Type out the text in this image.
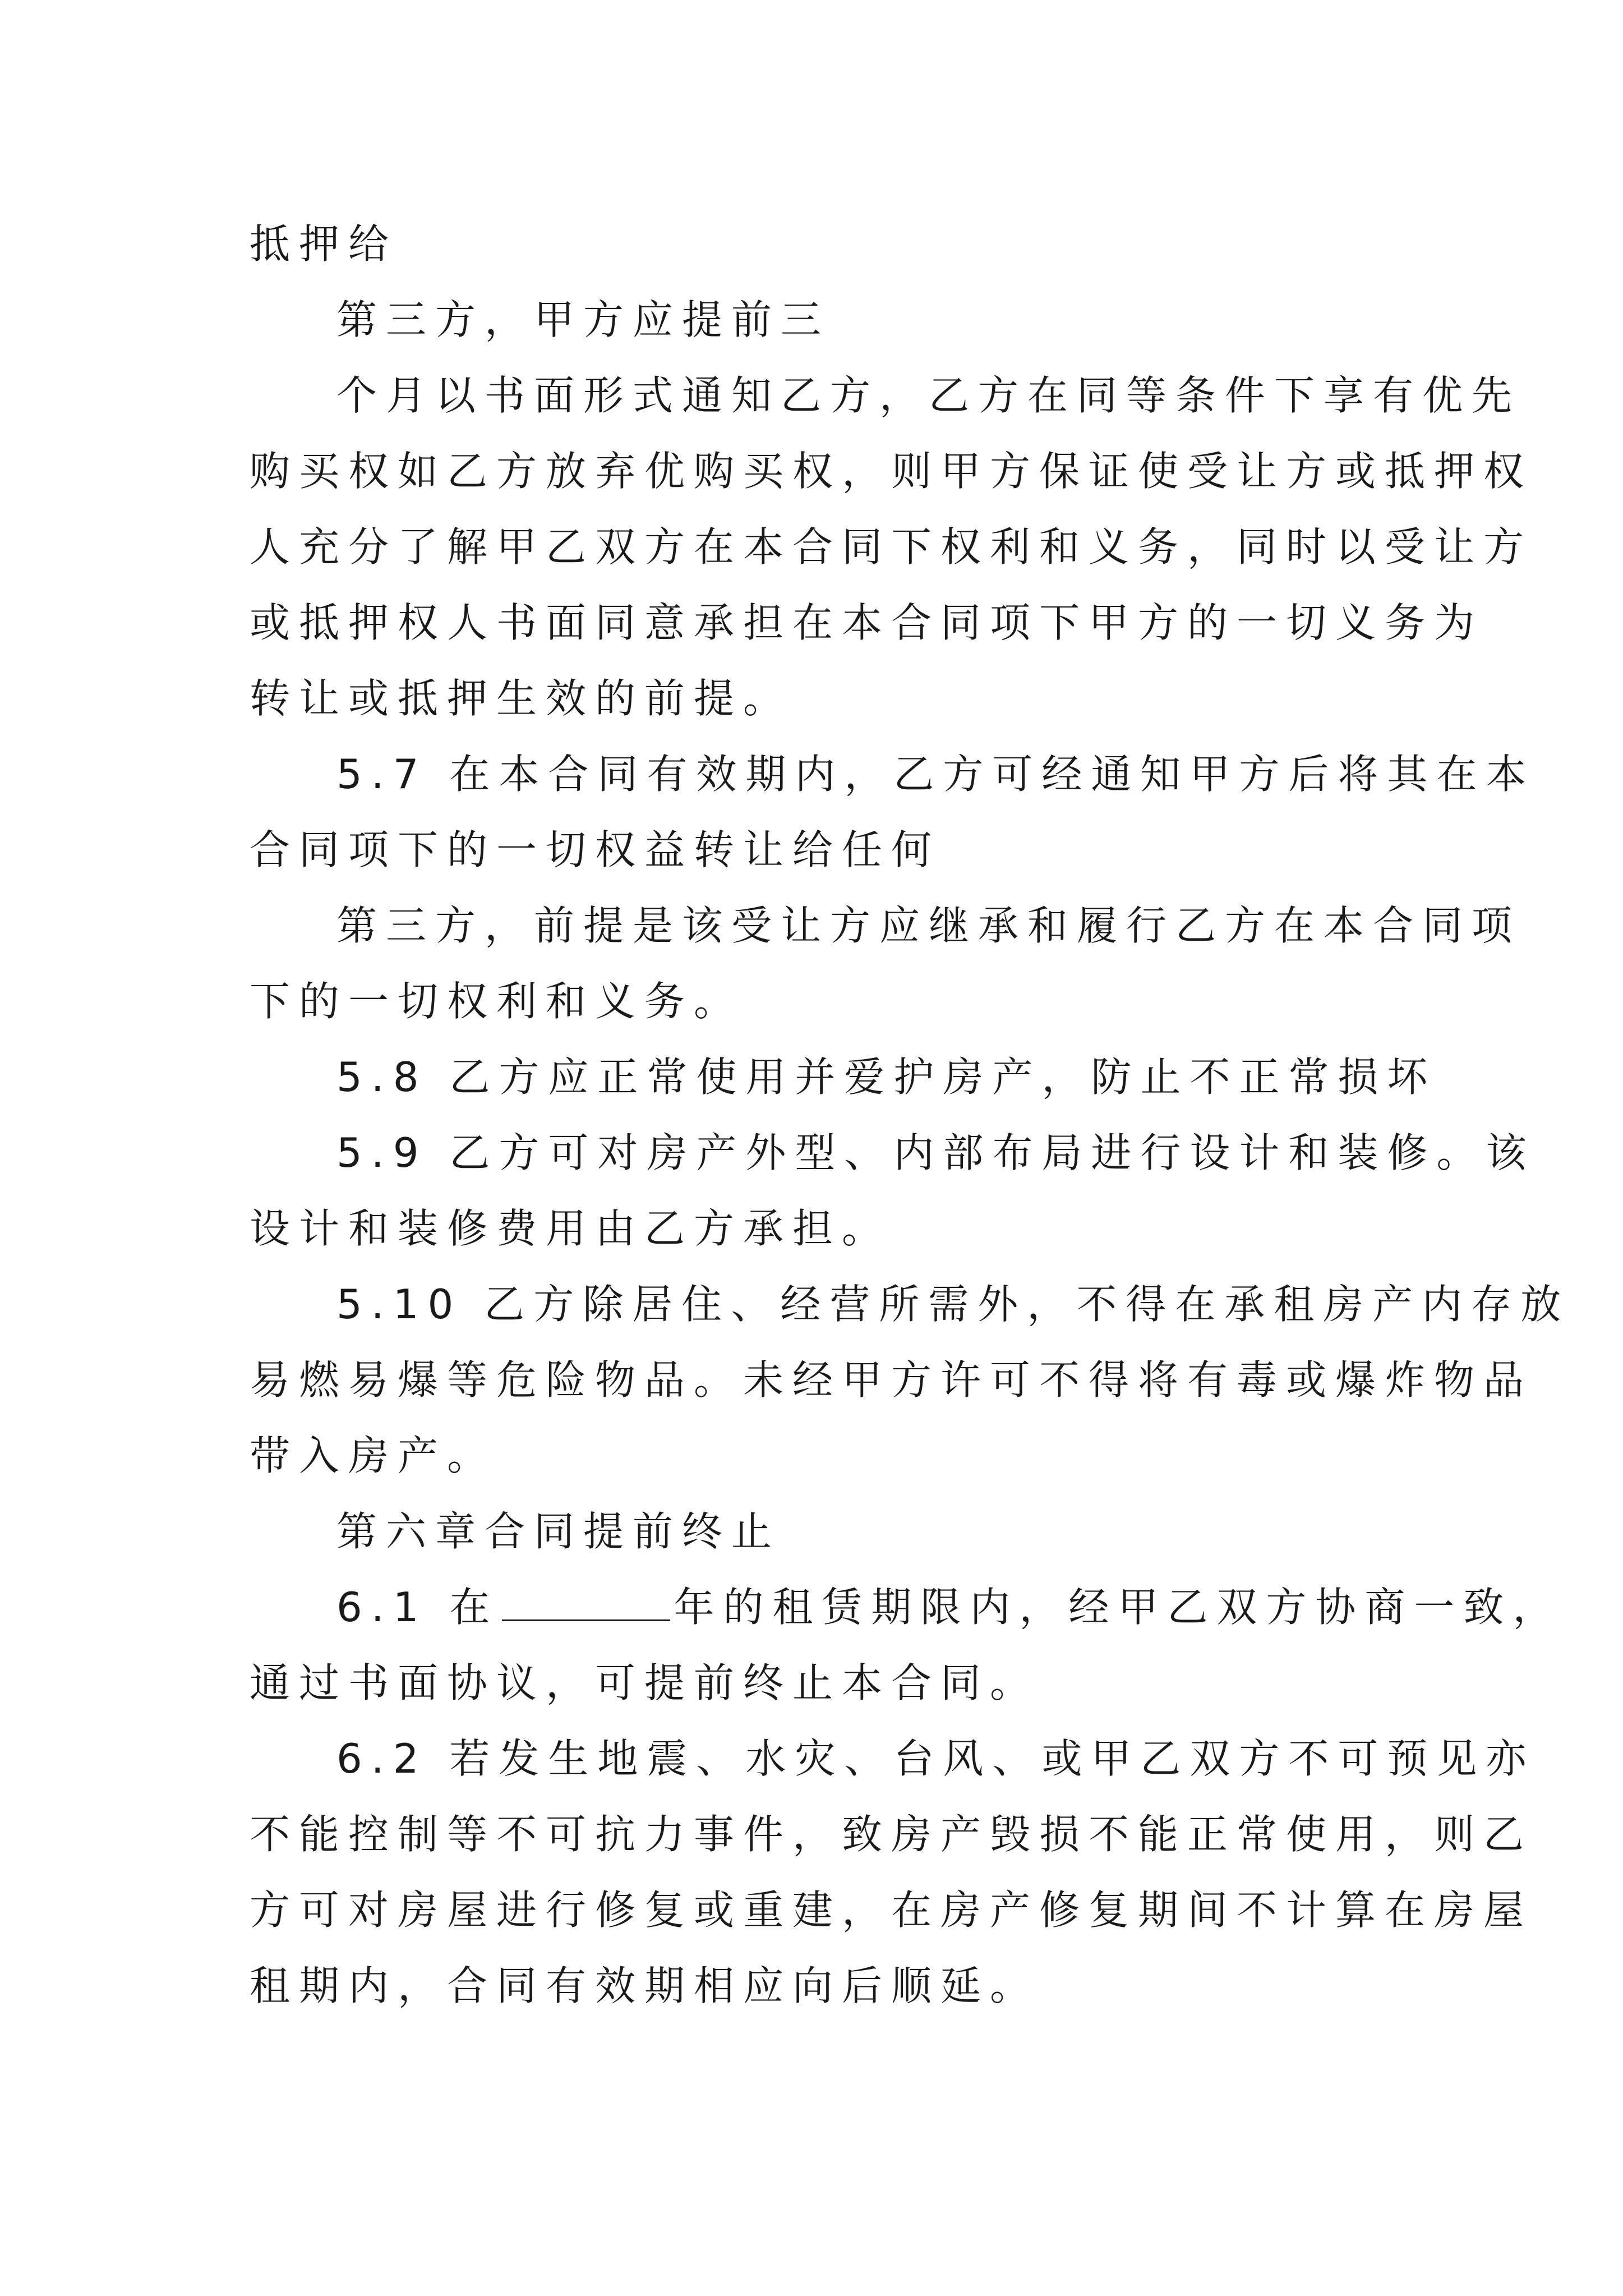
抵押给
第三方，甲方应提前三
个月以书面形式通知乙方，乙方在同等条件下享有优先
购买权如乙方放弃优购买权，则甲方保证使受让方或抵押权
人充分了解甲乙双方在本合同下权利和义务，同时以受让方
或抵押权人书面同意承担在本合同项下甲方的一切义务为
转让或抵押生效的前提。
5.7 在本合同有效期内，乙方可经通知甲方后将其在本
合同项下的一切权益转让给任何
第三方，前提是该受让方应继承和履行乙方在本合同项
下的一切权利和义务。
5.8 乙方应正常使用并爱护房产，防止不正常损坏
5.9 乙方可对房产外型、内部布局进行设计和装修。该
设计和装修费用由乙方承担。
5.10 乙方除居住、经营所需外，不得在承租房产内存放
易燃易爆等危险物品。未经甲方许可不得将有毒或爆炸物品
带入房产。
第六章合同提前终止
6.1 在	年的租赁期限内，经甲乙双方协商一致，
通过书面协议，可提前终止本合同。
6.2 若发生地震、水灾、台风、或甲乙双方不可预见亦
不能控制等不可抗力事件，致房产毁损不能正常使用，则乙
方可对房屋进行修复或重建，在房产修复期间不计算在房屋
租期内，合同有效期相应向后顺延。
